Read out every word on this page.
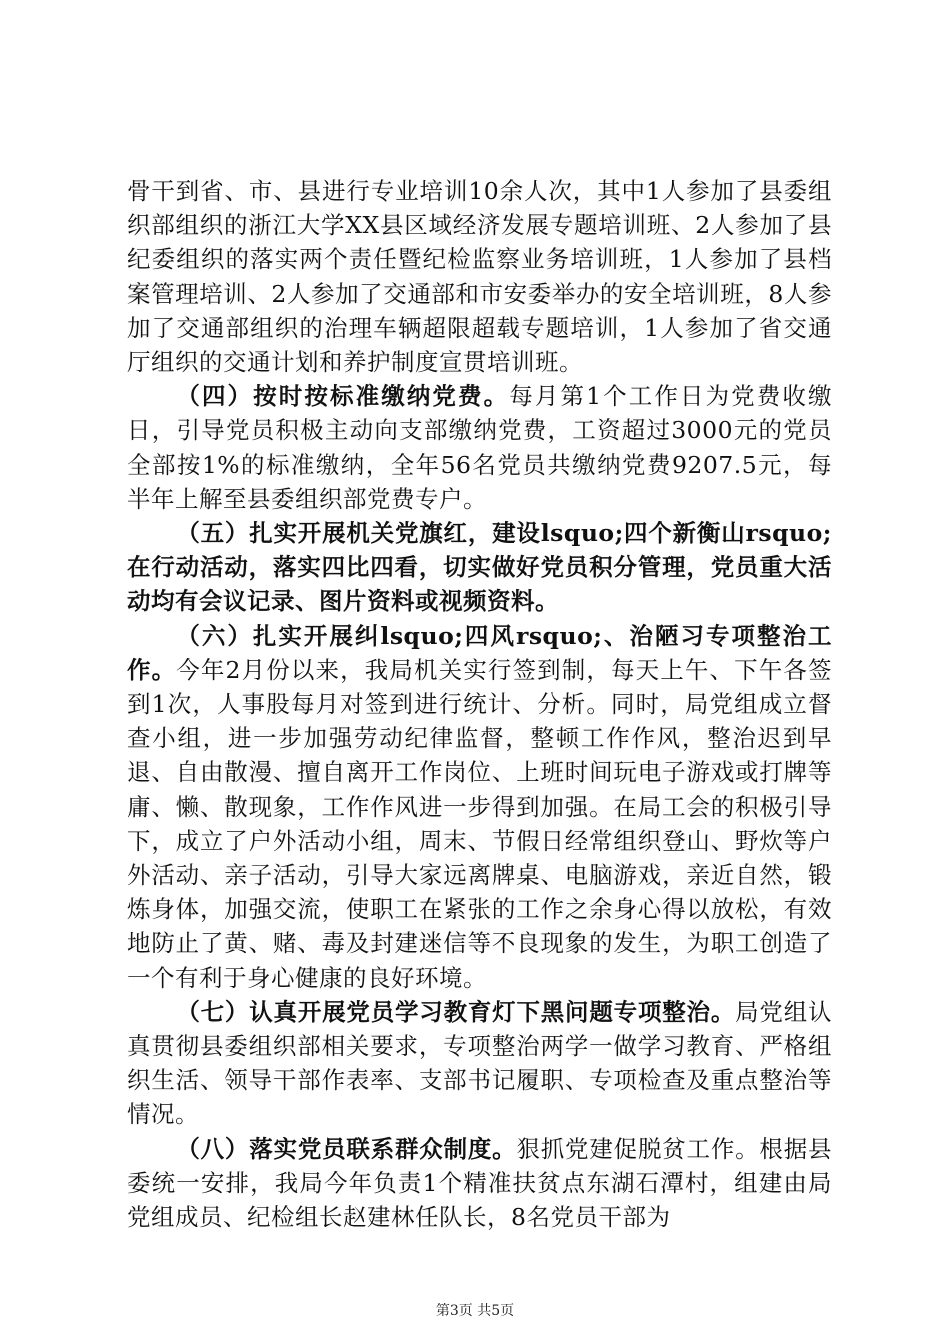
骨干到省、市、县进行专业培训10余人次，其中1人参加了县委组织部组织的浙江大学XX县区域经济发展专题培训班、2人参加了县纪委组织的落实两个责任暨纪检监察业务培训班，1人参加了县档案管理培训、2人参加了交通部和市安委举办的安全培训班，8人参加了交通部组织的治理车辆超限超载专题培训，1人参加了省交通厅组织的交通计划和养护制度宣贯培训班。

（四）按时按标准缴纳党费。每月第1个工作日为党费收缴日，引导党员积极主动向支部缴纳党费，工资超过3000元的党员全部按1%的标准缴纳，全年56名党员共缴纳党费9207.5元，每半年上解至县委组织部党费专户。

（五）扎实开展机关党旗红，建设lsquo;四个新衡山rsquo;在行动活动，落实四比四看，切实做好党员积分管理，党员重大活动均有会议记录、图片资料或视频资料。

（六）扎实开展纠lsquo;四风rsquo;、治陋习专项整治工作。今年2月份以来，我局机关实行签到制，每天上午、下午各签到1次，人事股每月对签到进行统计、分析。同时，局党组成立督查小组，进一步加强劳动纪律监督，整顿工作作风，整治迟到早退、自由散漫、擅自离开工作岗位、上班时间玩电子游戏或打牌等庸、懒、散现象，工作作风进一步得到加强。在局工会的积极引导下，成立了户外活动小组，周末、节假日经常组织登山、野炊等户外活动、亲子活动，引导大家远离牌桌、电脑游戏，亲近自然，锻炼身体，加强交流，使职工在紧张的工作之余身心得以放松，有效地防止了黄、赌、毒及封建迷信等不良现象的发生，为职工创造了一个有利于身心健康的良好环境。

（七）认真开展党员学习教育灯下黑问题专项整治。局党组认真贯彻县委组织部相关要求，专项整治两学一做学习教育、严格组织生活、领导干部作表率、支部书记履职、专项检查及重点整治等情况。

（八）落实党员联系群众制度。狠抓党建促脱贫工作。根据县委统一安排，我局今年负责1个精准扶贫点东湖石潭村，组建由局党组成员、纪检组长赵建林任队长，8名党员干部为

第3页 共5页
